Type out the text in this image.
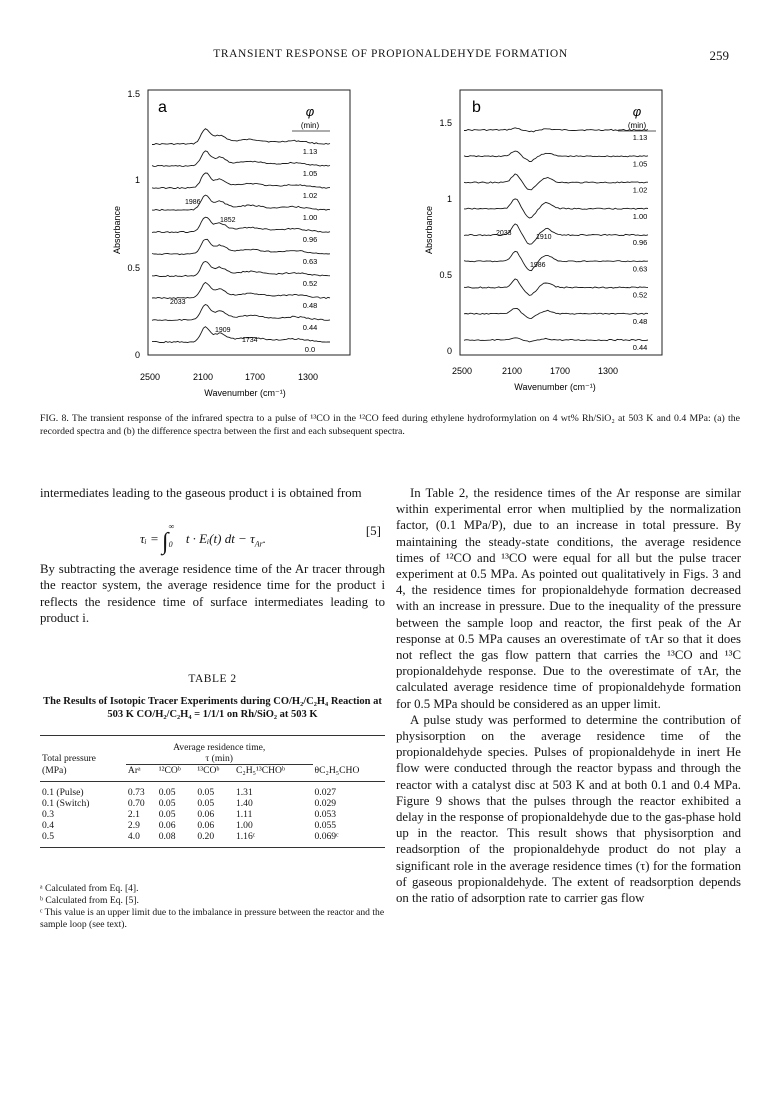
TRANSIENT RESPONSE OF PROPIONALDEHYDE FORMATION	259
a	φ
(min)
1.13
1.05
1.02
1.00
0.96
0.63
0.52
0.48
0.44
0.0
1986
1852
2033
1909
1734
1.5
1
0.5
0
Absorbance
2500	2100	1700	1300
Wavenumber (cm⁻¹)
b	φ
(min)
1.13
1.05
1.02
1.00
0.96
0.63
0.52
0.48
0.44
2033
1910
1986
1.5
1
0.5
0
Absorbance
2500	2100	1700	1300
Wavenumber (cm⁻¹)
FIG. 8. The transient response of the infrared spectra to a pulse of ¹³CO in the ¹²CO feed during ethylene hydroformylation on 4 wt% Rh/SiO₂ at 503 K and 0.4 MPa: (a) the recorded spectra and (b) the difference spectra between the first and each subsequent spectra.

intermediates leading to the gaseous product i is obtained from

τᵢ = ∫
∞
0 t · Eᵢ(t) dt − $\tau_{Ar}$.
[5]

By subtracting the average residence time of the Ar tracer through the reactor system, the average residence time for the product i reflects the residence time of surface intermediates leading to product i.

TABLE 2
The Results of Isotopic Tracer Experiments during CO/H₂/C₂H₄ Reaction at 503 K CO/H₂/C₂H₄ = 1/1/1 on Rh/SiO₂ at 503 K
	Average residence time,				
Total pressure	τ (min)				
(MPa)	Arᵃ	¹²COᵇ	¹³COᵇ	C₂H₅¹³CHOᵇ	θC₂H₅CHO
0.1 (Pulse)	0.73	0.05	0.05	1.31	0.027
0.1 (Switch)	0.70	0.05	0.05	1.40	0.029
0.3	2.1	0.05	0.06	1.11	0.053
0.4	2.9	0.06	0.06	1.00	0.055
0.5	4.0	0.08	0.20	1.16ᶜ	0.069ᶜ
ᵃ Calculated from Eq. [4].
ᵇ Calculated from Eq. [5].
ᶜ This value is an upper limit due to the imbalance in pressure between the reactor and the sample loop (see text).

In Table 2, the residence times of the Ar response are similar within experimental error when multiplied by the normalization factor, (0.1 MPa/P), due to an increase in total pressure. By maintaining the steady-state conditions, the average residence times of ¹²CO and ¹³CO were equal for all but the pulse tracer experiment at 0.5 MPa. As pointed out qualitatively in Figs. 3 and 4, the residence times for propionaldehyde formation decreased with an increase in pressure. Due to the inequality of the pressure between the sample loop and reactor, the first peak of the Ar response at 0.5 MPa causes an overestimate of τAr so that it does not reflect the gas flow pattern that carries the ¹³CO and ¹³C propionaldehyde response. Due to the overestimate of τAr, the calculated average residence time of propionaldehyde formation for 0.5 MPa should be considered as an upper limit.

A pulse study was performed to determine the contribution of physisorption on the average residence time of the propionaldehyde species. Pulses of propionaldehyde in inert He flow were conducted through the reactor bypass and through the reactor with a catalyst disc at 503 K and at both 0.1 and 0.4 MPa. Figure 9 shows that the pulses through the reactor exhibited a delay in the response of propionaldehyde due to the gas-phase hold up in the reactor. This result shows that physisorption and readsorption of the propionaldehyde product do not play a significant role in the average residence times (τ) for the formation of gaseous propionaldehyde. The extent of readsorption depends on the ratio of adsorption rate to carrier gas flow
